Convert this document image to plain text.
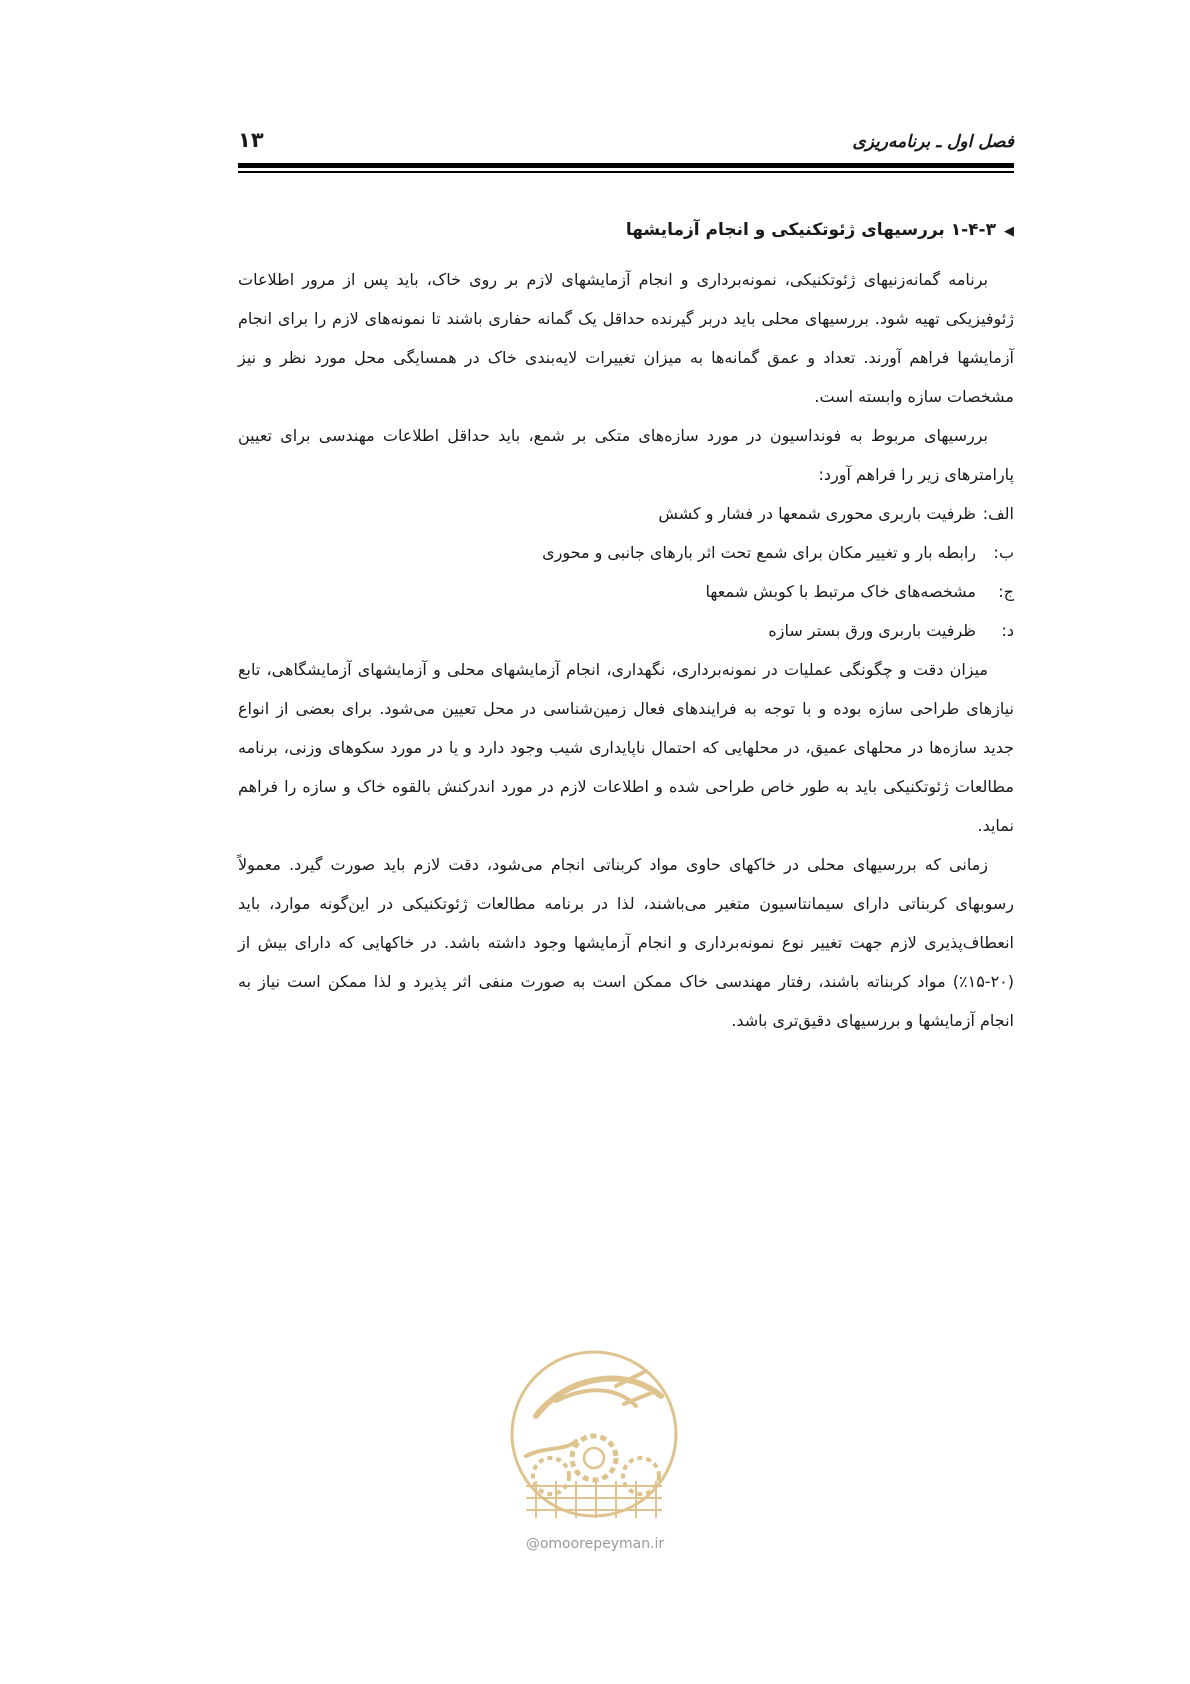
فصل اول ـ برنامه‌ریزی
۱۳
◀۱-۴-۳ بررسیهای ژئوتکنیکی و انجام آزمایشها

برنامه گمانه‌زنیهای ژئوتکنیکی، نمونه‌برداری و انجام آزمایشهای لازم بر روی خاک، باید پس از مرور اطلاعات ژئوفیزیکی تهیه شود. بررسیهای محلی باید دربر گیرنده حداقل یک گمانه حفاری باشند تا نمونه‌های لازم را برای انجام آزمایشها فراهم آورند. تعداد و عمق گمانه‌ها به میزان تغییرات لایه‌بندی خاک در همسایگی محل مورد نظر و نیز مشخصات سازه وابسته است.

بررسیهای مربوط به فونداسیون در مورد سازه‌های متکی بر شمع، باید حداقل اطلاعات مهندسی برای تعیین پارامترهای زیر را فراهم آورد:

الف:
ظرفیت باربری محوری شمعها در فشار و کشش
ب:
رابطه بار و تغییر مکان برای شمع تحت اثر بارهای جانبی و محوری
ج:
مشخصه‌های خاک مرتبط با کوبش شمعها
د:
ظرفیت باربری ورق بستر سازه

میزان دقت و چگونگی عملیات در نمونه‌برداری، نگهداری، انجام آزمایشهای محلی و آزمایشهای آزمایشگاهی، تابع نیازهای طراحی سازه بوده و با توجه به فرایندهای فعال زمین‌شناسی در محل تعیین می‌شود. برای بعضی از انواع جدید سازه‌ها در محلهای عمیق، در محلهایی که احتمال ناپایداری شیب وجود دارد و یا در مورد سکوهای وزنی، برنامه مطالعات ژئوتکنیکی باید به طور خاص طراحی شده و اطلاعات لازم در مورد اندرکنش بالقوه خاک و سازه را فراهم نماید.

زمانی که بررسیهای محلی در خاکهای حاوی مواد کربناتی انجام می‌شود، دقت لازم باید صورت گیرد. معمولاً رسوبهای کربناتی دارای سیمانتاسیون متغیر می‌باشند، لذا در برنامه مطالعات ژئوتکنیکی در این‌گونه موارد، باید انعطاف‌پذیری لازم جهت تغییر نوع نمونه‌برداری و انجام آزمایشها وجود داشته باشد. در خاکهایی که دارای بیش از (۲۰-۱۵٪) مواد کربناته باشند، رفتار مهندسی خاک ممکن است به صورت منفی اثر پذیرد و لذا ممکن است نیاز به انجام آزمایشها و بررسیهای دقیق‌تری باشد.

@omoorepeyman.ir
